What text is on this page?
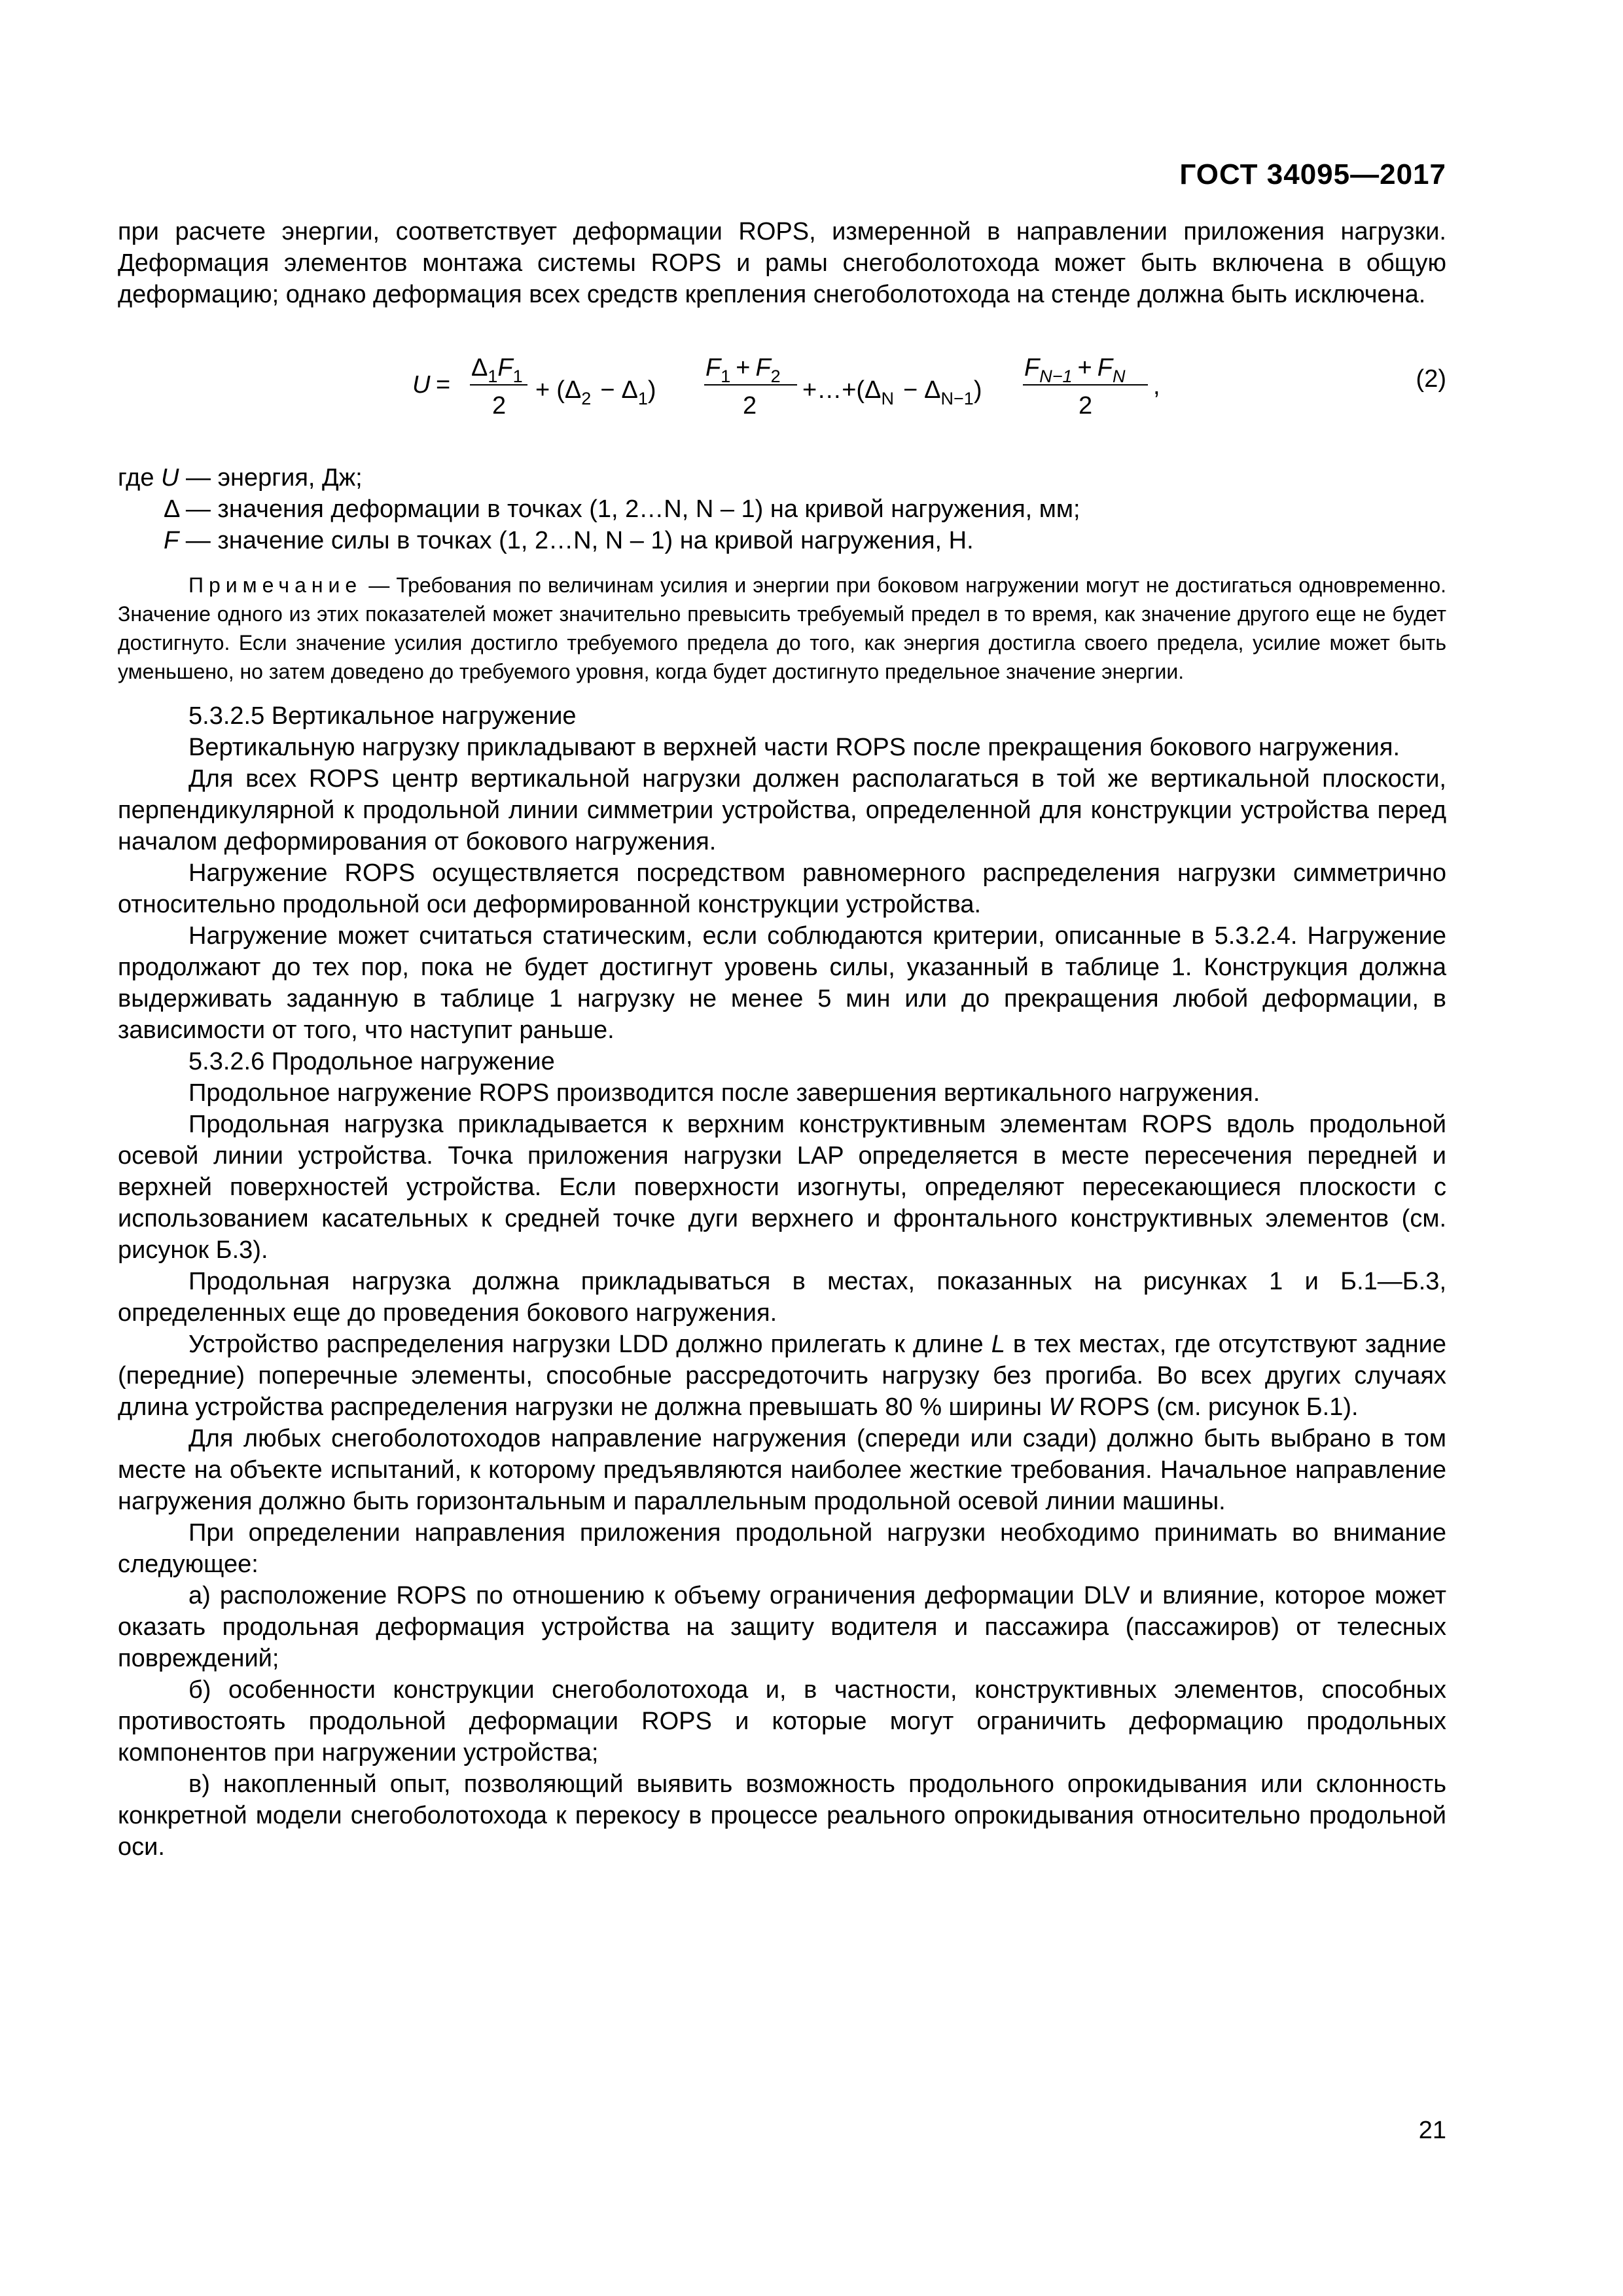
ГОСТ 34095—2017

при расчете энергии, соответствует деформации ROPS, измеренной в направлении приложения нагрузки. Деформация элементов монтажа системы ROPS и рамы снегоболотохода может быть включена в общую деформацию; однако деформация всех средств крепления снегоболотохода на стенде должна быть исключена.

U =
$\Delta_1F_1$
2
+ $(\Delta_2 - \Delta_1)$
$F_1 + F_2$
2
$+\dots+(\Delta_N - \Delta_{N-1})$
$F_{N-1} + F_N$
2
,	(2)

где U — энергия, Дж;

Δ — значения деформации в точках (1, 2…N, N – 1) на кривой нагружения, мм;

F — значение силы в точках (1, 2…N, N – 1) на кривой нагружения, Н.

Примечание — Требования по величинам усилия и энергии при боковом нагружении могут не достигаться одновременно. Значение одного из этих показателей может значительно превысить требуемый предел в то время, как значение другого еще не будет достигнуто. Если значение усилия достигло требуемого предела до того, как энергия достигла своего предела, усилие может быть уменьшено, но затем доведено до требуемого уровня, когда будет достигнуто предельное значение энергии.

5.3.2.5 Вертикальное нагружение

Вертикальную нагрузку прикладывают в верхней части ROPS после прекращения бокового нагружения.

Для всех ROPS центр вертикальной нагрузки должен располагаться в той же вертикальной плоскости, перпендикулярной к продольной линии симметрии устройства, определенной для конструкции устройства перед началом деформирования от бокового нагружения.

Нагружение ROPS осуществляется посредством равномерного распределения нагрузки симметрично относительно продольной оси деформированной конструкции устройства.

Нагружение может считаться статическим, если соблюдаются критерии, описанные в 5.3.2.4. Нагружение продолжают до тех пор, пока не будет достигнут уровень силы, указанный в таблице 1. Конструкция должна выдерживать заданную в таблице 1 нагрузку не менее 5 мин или до прекращения любой деформации, в зависимости от того, что наступит раньше.

5.3.2.6 Продольное нагружение

Продольное нагружение ROPS производится после завершения вертикального нагружения.

Продольная нагрузка прикладывается к верхним конструктивным элементам ROPS вдоль продольной осевой линии устройства. Точка приложения нагрузки LAP определяется в месте пересечения передней и верхней поверхностей устройства. Если поверхности изогнуты, определяют пересекающиеся плоскости с использованием касательных к средней точке дуги верхнего и фронтального конструктивных элементов (см. рисунок Б.3).

Продольная нагрузка должна прикладываться в местах, показанных на рисунках 1 и Б.1—Б.3, определенных еще до проведения бокового нагружения.

Устройство распределения нагрузки LDD должно прилегать к длине L в тех местах, где отсутствуют задние (передние) поперечные элементы, способные рассредоточить нагрузку без прогиба. Во всех других случаях длина устройства распределения нагрузки не должна превышать 80 % ширины W ROPS (см. рисунок Б.1).

Для любых снегоболотоходов направление нагружения (спереди или сзади) должно быть выбрано в том месте на объекте испытаний, к которому предъявляются наиболее жесткие требования. Начальное направление нагружения должно быть горизонтальным и параллельным продольной осевой линии машины.

При определении направления приложения продольной нагрузки необходимо принимать во внимание следующее:

а) расположение ROPS по отношению к объему ограничения деформации DLV и влияние, которое может оказать продольная деформация устройства на защиту водителя и пассажира (пассажиров) от телесных повреждений;

б) особенности конструкции снегоболотохода и, в частности, конструктивных элементов, способных противостоять продольной деформации ROPS и которые могут ограничить деформацию продольных компонентов при нагружении устройства;

в) накопленный опыт, позволяющий выявить возможность продольного опрокидывания или склонность конкретной модели снегоболотохода к перекосу в процессе реального опрокидывания относительно продольной оси.

21
